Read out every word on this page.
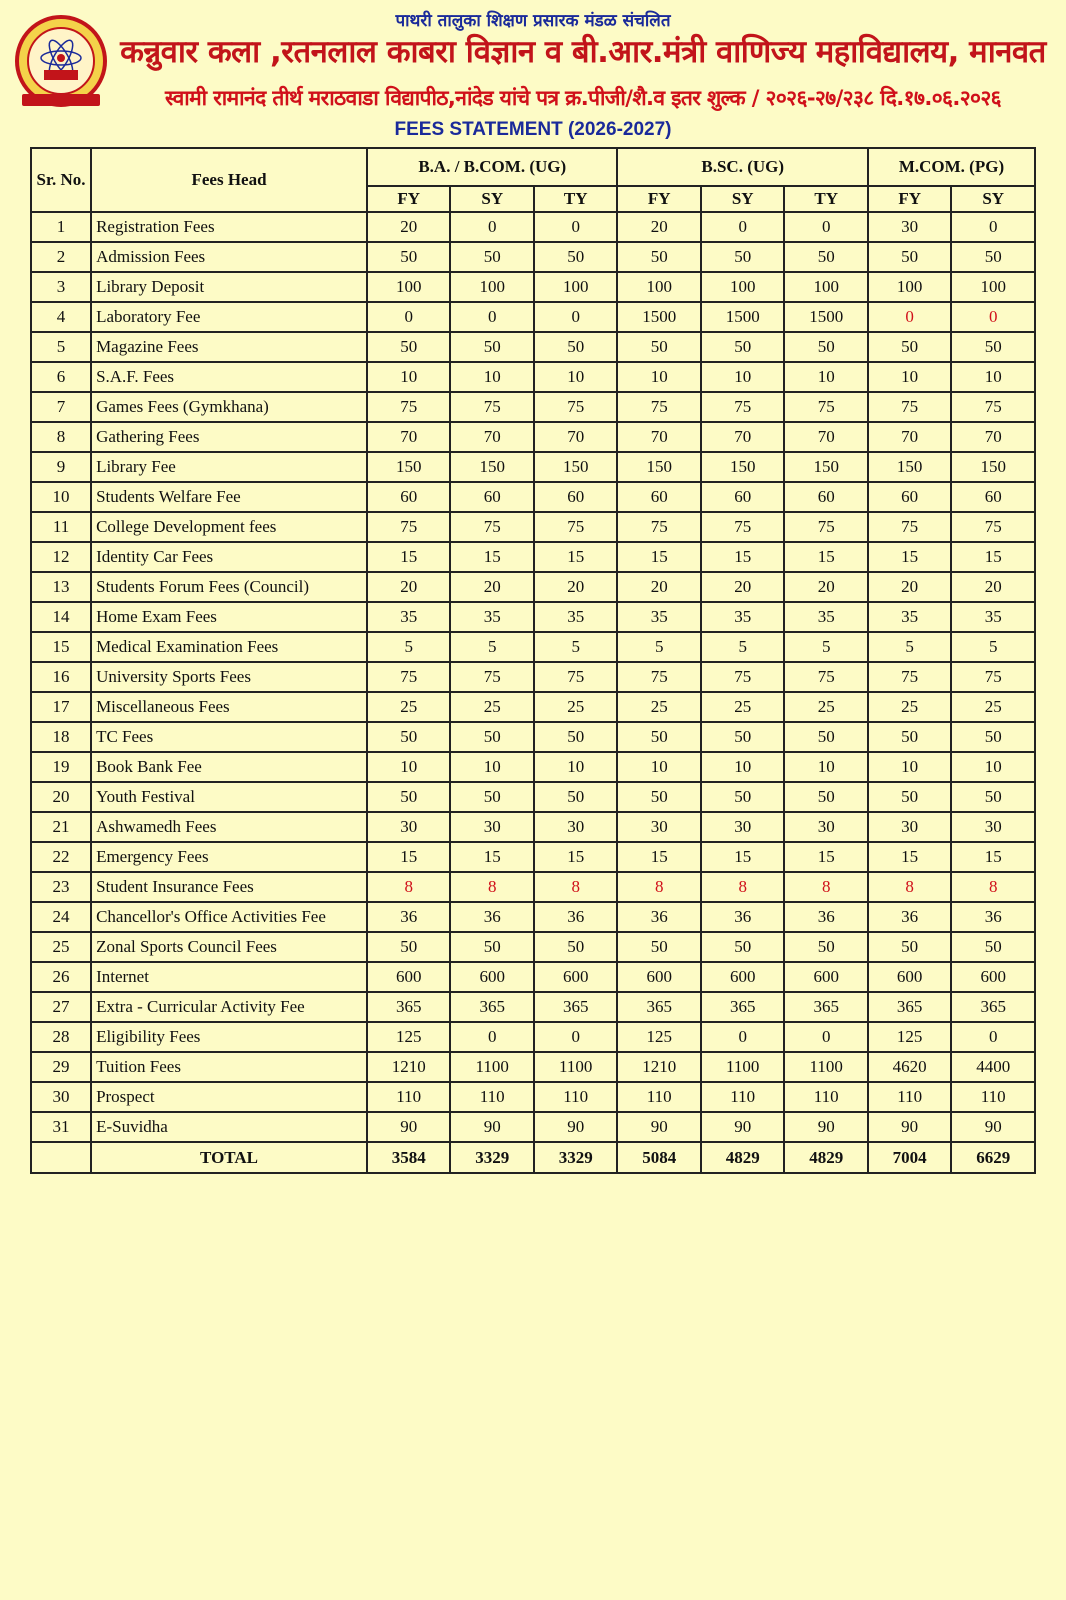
पाथरी तालुका शिक्षण प्रसारक मंडळ संचलित
कन्नुवार कला ,रतनलाल काबरा विज्ञान व बी.आर.मंत्री वाणिज्य महाविद्यालय, मानवत
स्वामी रामानंद तीर्थ मराठवाडा विद्यापीठ,नांदेड यांचे पत्र क्र.पीजी/शै.व इतर शुल्क / २०२६-२७/२३८ दि.१७.०६.२०२६
FEES STATEMENT (2026-2027)
Sr. No.	Fees Head	B.A. / B.COM. (UG)			B.SC. (UG)			M.COM. (PG)	
		FY	SY	TY	FY	SY	TY	FY	SY
1	Registration Fees	20	0	0	20	0	0	30	0
2	Admission Fees	50	50	50	50	50	50	50	50
3	Library Deposit	100	100	100	100	100	100	100	100
4	Laboratory Fee	0	0	0	1500	1500	1500	0	0
5	Magazine Fees	50	50	50	50	50	50	50	50
6	S.A.F. Fees	10	10	10	10	10	10	10	10
7	Games Fees (Gymkhana)	75	75	75	75	75	75	75	75
8	Gathering Fees	70	70	70	70	70	70	70	70
9	Library Fee	150	150	150	150	150	150	150	150
10	Students Welfare Fee	60	60	60	60	60	60	60	60
11	College Development fees	75	75	75	75	75	75	75	75
12	Identity Car Fees	15	15	15	15	15	15	15	15
13	Students Forum Fees (Council)	20	20	20	20	20	20	20	20
14	Home Exam Fees	35	35	35	35	35	35	35	35
15	Medical Examination Fees	5	5	5	5	5	5	5	5
16	University Sports Fees	75	75	75	75	75	75	75	75
17	Miscellaneous Fees	25	25	25	25	25	25	25	25
18	TC Fees	50	50	50	50	50	50	50	50
19	Book Bank Fee	10	10	10	10	10	10	10	10
20	Youth Festival	50	50	50	50	50	50	50	50
21	Ashwamedh Fees	30	30	30	30	30	30	30	30
22	Emergency Fees	15	15	15	15	15	15	15	15
23	Student Insurance Fees	8	8	8	8	8	8	8	8
24	Chancellor's Office Activities Fee	36	36	36	36	36	36	36	36
25	Zonal Sports Council Fees	50	50	50	50	50	50	50	50
26	Internet	600	600	600	600	600	600	600	600
27	Extra - Curricular Activity Fee	365	365	365	365	365	365	365	365
28	Eligibility Fees	125	0	0	125	0	0	125	0
29	Tuition Fees	1210	1100	1100	1210	1100	1100	4620	4400
30	Prospect	110	110	110	110	110	110	110	110
31	E-Suvidha	90	90	90	90	90	90	90	90
	TOTAL	3584	3329	3329	5084	4829	4829	7004	6629
